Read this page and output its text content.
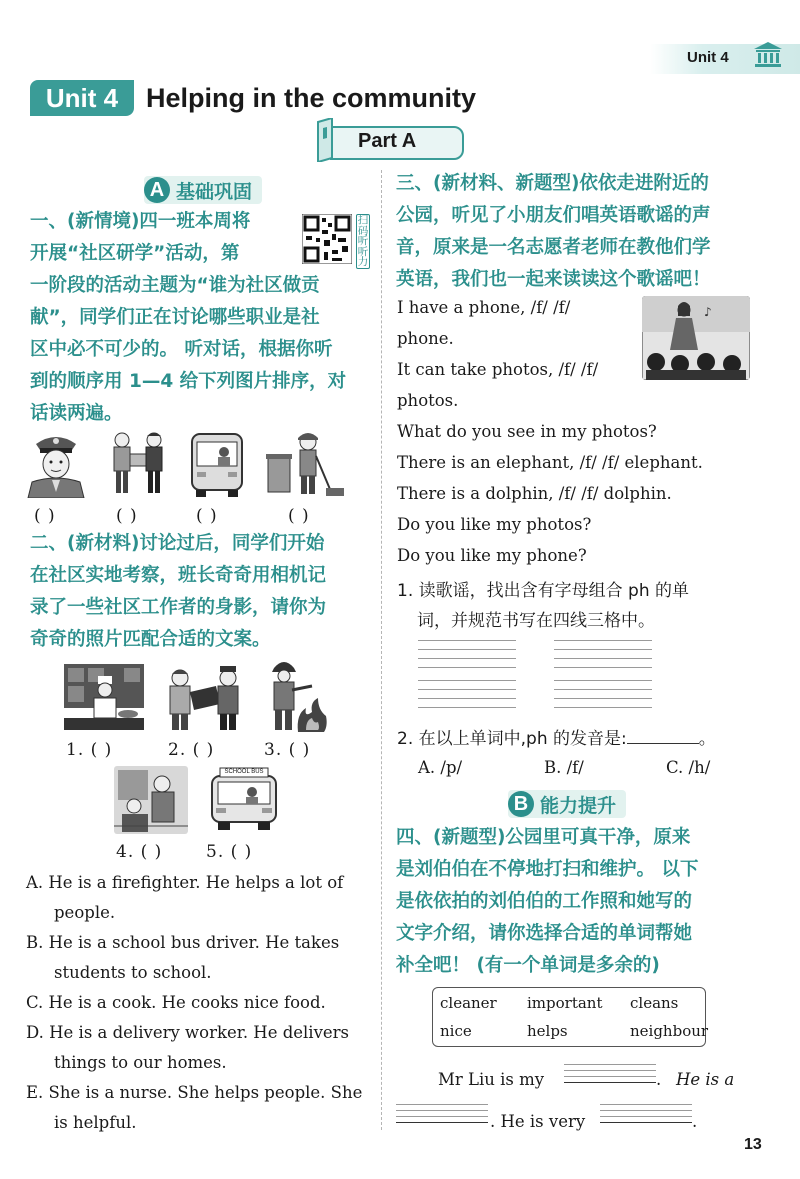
Unit 4
Unit 4	Helping in the community
Part A
A 基础巩固
一、(新情境)四一班本周将
开展“社区研学”活动，第
一阶段的活动主题为“谁为社区做贡
献”，同学们正在讨论哪些职业是社
区中必不可少的。 听对话，根据你听
到的顺序用 1—4 给下列图片排序，对
话读两遍。
扫码听听力
( )	( )	( )	( )
二、(新材料)讨论过后，同学们开始
在社区实地考察，班长奇奇用相机记
录了一些社区工作者的身影，请你为
奇奇的照片匹配合适的文案。
1. ( )	2. ( )	3. ( )
SCHOOL BUS
4. ( )	5. ( )
A. He is a firefighter. He helps a lot of
people.
B. He is a school bus driver. He takes
students to school.
C. He is a cook. He cooks nice food.
D. He is a delivery worker. He delivers
things to our homes.
E. She is a nurse. She helps people. She
is helpful.
三、(新材料、新题型)依依走进附近的
公园，听见了小朋友们唱英语歌谣的声
音，原来是一名志愿者老师在教他们学
英语，我们也一起来读读这个歌谣吧！
♪
I have a phone, /f/ /f/
phone.
It can take photos, /f/ /f/
photos.
What do you see in my photos?
There is an elephant, /f/ /f/ elephant.
There is a dolphin, /f/ /f/ dolphin.
Do you like my photos?
Do you like my phone?
1. 读歌谣，找出含有字母组合 ph 的单
词，并规范书写在四线三格中。
2. 在以上单词中,ph 的发音是:	。
A. /p/	B. /f/	C. /h/
B 能力提升
四、(新题型)公园里可真干净，原来
是刘伯伯在不停地打扫和维护。 以下
是依依拍的刘伯伯的工作照和她写的
文字介绍，请你选择合适的单词帮她
补全吧！ (有一个单词是多余的)
cleaner important cleans
nice	helps	neighbour
Mr Liu is my	. He is a
. He is very	.
13
